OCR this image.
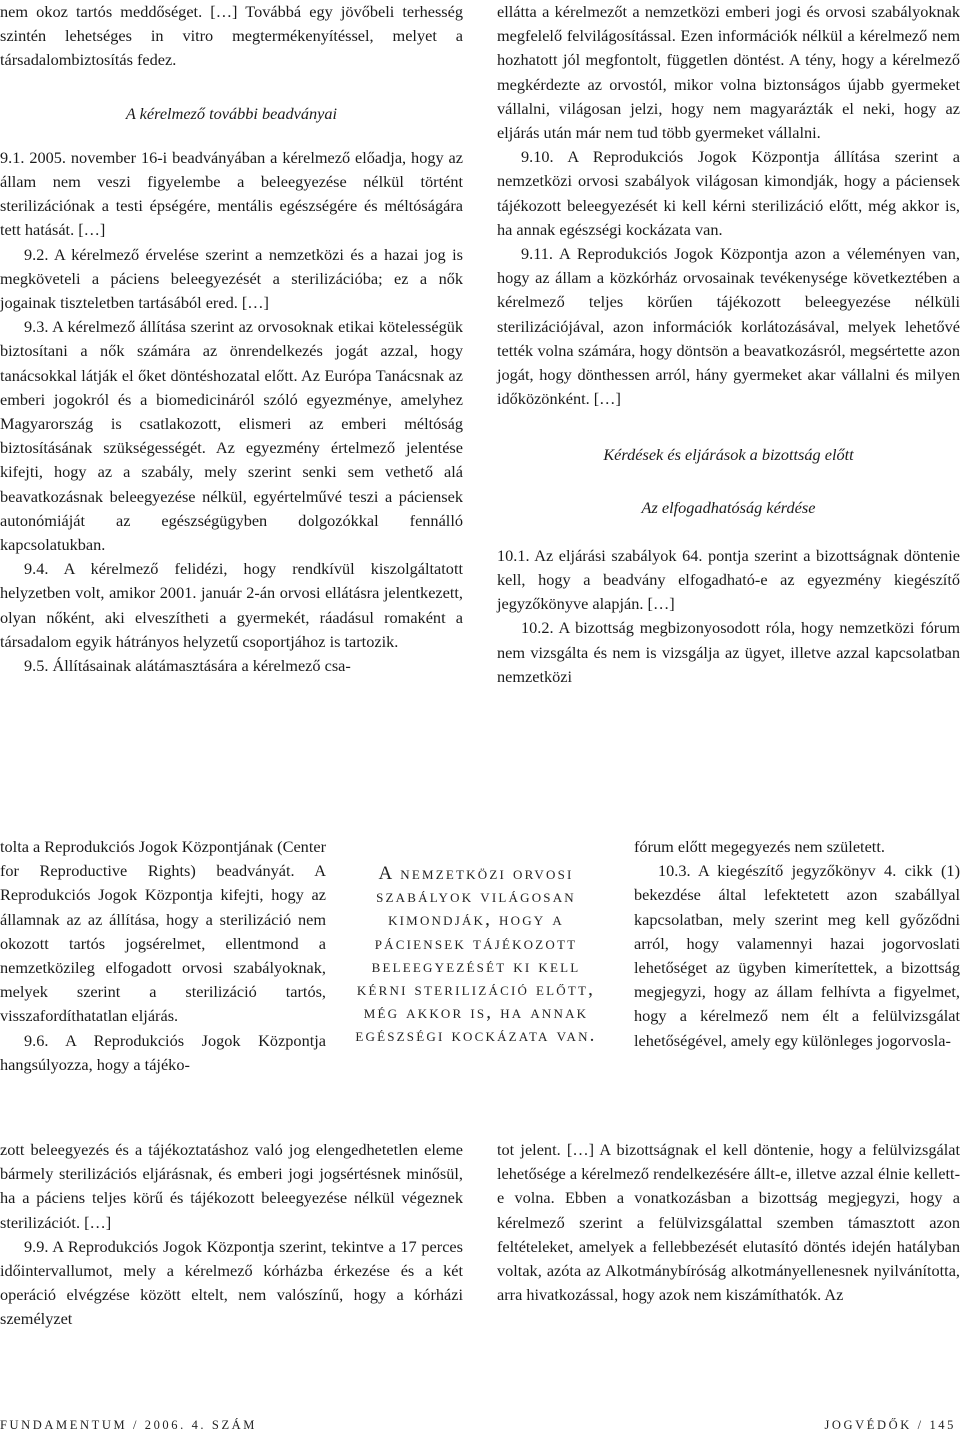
nem okoz tartós meddőséget. […] Továbbá egy jövőbeli terhesség szintén lehetséges in vitro megtermékenyítéssel, melyet a társadalombiztosítás fedez.

A kérelmező további beadványai

9.1. 2005. november 16-i beadványában a kérelmező előadja, hogy az állam nem veszi figyelembe a beleegyezése nélkül történt sterilizációnak a testi épségére, mentális egészségére és méltóságára tett hatását. […]

9.2. A kérelmező érvelése szerint a nemzetközi és a hazai jog is megköveteli a páciens beleegyezését a sterilizációba; ez a nők jogainak tiszteletben tartásából ered. […]

9.3. A kérelmező állítása szerint az orvosoknak etikai kötelességük biztosítani a nők számára az önrendelkezés jogát azzal, hogy tanácsokkal látják el őket döntéshozatal előtt. Az Európa Tanácsnak az emberi jogokról és a biomedicináról szóló egyezménye, amelyhez Magyarország is csatlakozott, elismeri az emberi méltóság biztosításának szükségességét. Az egyezmény értelmező jelentése kifejti, hogy az a szabály, mely szerint senki sem vethető alá beavatkozásnak beleegyezése nélkül, egyértelművé teszi a páciensek autonómiáját az egészségügyben dolgozókkal fennálló kapcsolatukban.

9.4. A kérelmező felidézi, hogy rendkívül kiszolgáltatott helyzetben volt, amikor 2001. január 2-án orvosi ellátásra jelentkezett, olyan nőként, aki elveszítheti a gyermekét, ráadásul romaként a társadalom egyik hátrányos helyzetű csoportjához is tartozik.

9.5. Állításainak alátámasztására a kérelmező csa-

tolta a Reprodukciós Jogok Központjának (Center for Reproductive Rights) beadványát. A Reprodukciós Jogok Központja kifejti, hogy az államnak az az állítása, hogy a sterilizáció nem okozott tartós jogsérelmet, ellentmond a nemzetközileg elfogadott orvosi szabályoknak, melyek szerint a sterilizáció tartós, visszafordíthatatlan eljárás.

9.6. A Reprodukciós Jogok Központja hangsúlyozza, hogy a tájéko-

zott beleegyezés és a tájékoztatáshoz való jog elengedhetetlen eleme bármely sterilizációs eljárásnak, és emberi jogi jogsértésnek minősül, ha a páciens teljes körű és tájékozott beleegyezése nélkül végeznek sterilizációt. […]

9.9. A Reprodukciós Jogok Központja szerint, tekintve a 17 perces időintervallumot, mely a kérelmező kórházba érkezése és a két operáció elvégzése között eltelt, nem valószínű, hogy a kórházi személyzet

A nemzetközi orvosi szabályok világosan kimondják, hogy a páciensek tájékozott beleegyezését ki kell kérni sterilizáció előtt, még akkor is, ha annak egészségi kockázata van.

ellátta a kérelmezőt a nemzetközi emberi jogi és orvosi szabályoknak megfelelő felvilágosítással. Ezen információk nélkül a kérelmező nem hozhatott jól megfontolt, független döntést. A tény, hogy a kérelmező megkérdezte az orvostól, mikor volna biztonságos újabb gyermeket vállalni, világosan jelzi, hogy nem magyarázták el neki, hogy az eljárás után már nem tud több gyermeket vállalni.

9.10. A Reprodukciós Jogok Központja állítása szerint a nemzetközi orvosi szabályok világosan kimondják, hogy a páciensek tájékozott beleegyezését ki kell kérni sterilizáció előtt, még akkor is, ha annak egészségi kockázata van.

9.11. A Reprodukciós Jogok Központja azon a véleményen van, hogy az állam a közkórház orvosainak tevékenysége következtében a kérelmező teljes körűen tájékozott beleegyezése nélküli sterilizációjával, azon információk korlátozásával, melyek lehetővé tették volna számára, hogy döntsön a beavatkozásról, megsértette azon jogát, hogy dönthessen arról, hány gyermeket akar vállalni és milyen időközönként. […]

Kérdések és eljárások a bizottság előtt

Az elfogadhatóság kérdése

10.1. Az eljárási szabályok 64. pontja szerint a bizottságnak döntenie kell, hogy a beadvány elfogadható-e az egyezmény kiegészítő jegyzőkönyve alapján. […]

10.2. A bizottság megbizonyosodott róla, hogy nemzetközi fórum nem vizsgálta és nem is vizsgálja az ügyet, illetve azzal kapcsolatban nemzetközi

fórum előtt megegyezés nem született.

10.3. A kiegészítő jegyzőkönyv 4. cikk (1) bekezdése által lefektetett azon szabállyal kapcsolatban, mely szerint meg kell győződni arról, hogy valamennyi hazai jogorvoslati lehetőséget az ügyben kimerítettek, a bizottság megjegyzi, hogy az állam felhívta a figyelmet, hogy a kérelmező nem élt a felülvizsgálat lehetőségével, amely egy különleges jogorvosla-

tot jelent. […] A bizottságnak el kell döntenie, hogy a felülvizsgálat lehetősége a kérelmező rendelkezésére állt-e, illetve azzal élnie kellett-e volna. Ebben a vonatkozásban a bizottság megjegyzi, hogy a kérelmező szerint a felülvizsgálattal szemben támasztott azon feltételeket, amelyek a fellebbezését elutasító döntés idején hatályban voltak, azóta az Alkotmánybíróság alkotmányellenesnek nyilvánította, arra hivatkozással, hogy azok nem kiszámíthatók. Az

FUNDAMENTUM / 2006. 4. SZÁM	JOGVÉDŐK / 145
